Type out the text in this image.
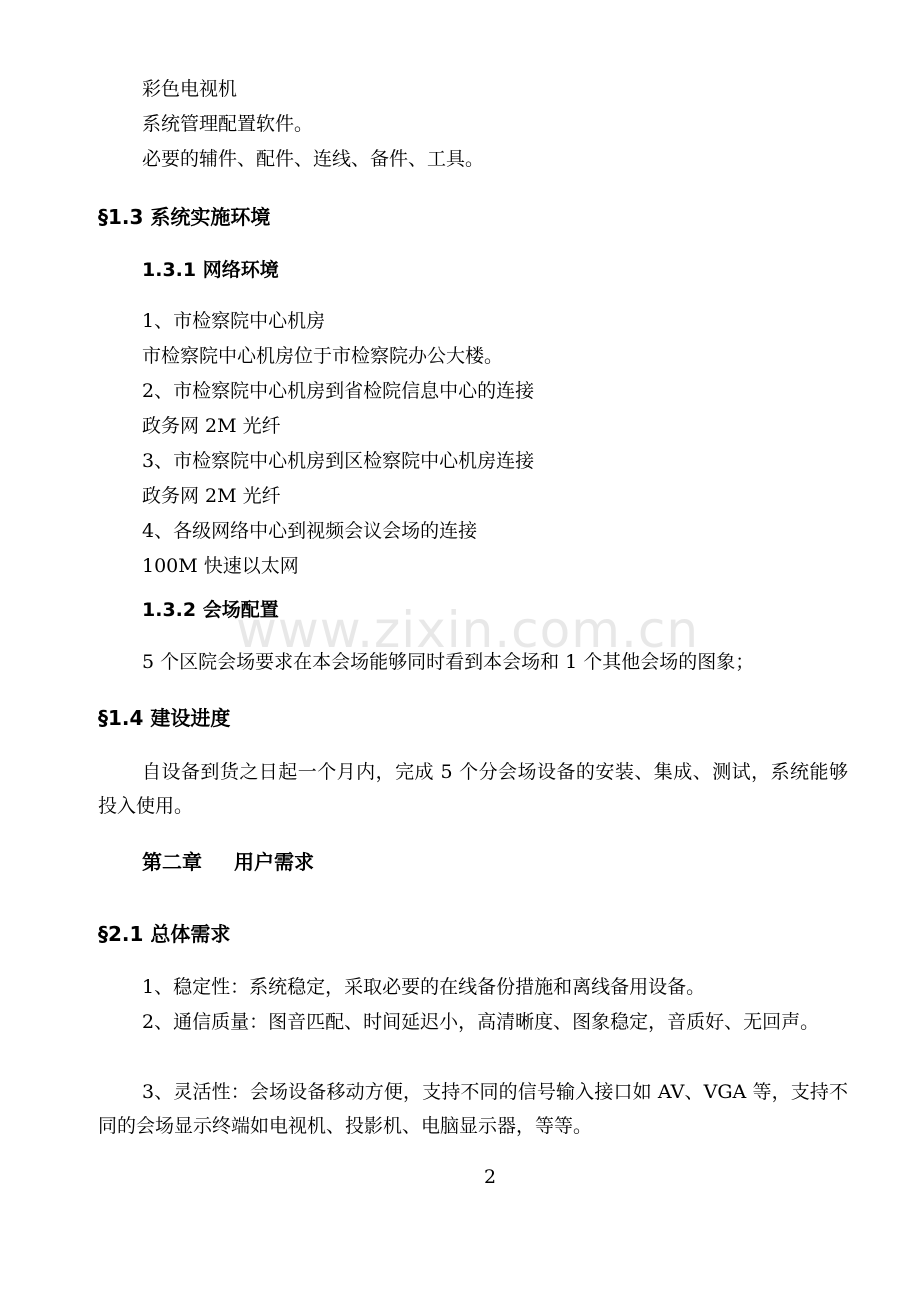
www.zixin.com.cn
彩色电视机
系统管理配置软件。
必要的辅件、配件、连线、备件、工具。
§1.3 系统实施环境
1.3.1 网络环境
1、市检察院中心机房
市检察院中心机房位于市检察院办公大楼。
2、市检察院中心机房到省检院信息中心的连接
政务网 2M 光纤
3、市检察院中心机房到区检察院中心机房连接
政务网 2M 光纤
4、各级网络中心到视频会议会场的连接
100M 快速以太网
1.3.2 会场配置
5 个区院会场要求在本会场能够同时看到本会场和 1 个其他会场的图象；
§1.4 建设进度
自设备到货之日起一个月内，完成 5 个分会场设备的安装、集成、测试，系统能够投入使用。
第二章 用户需求
§2.1 总体需求
1、稳定性：系统稳定，采取必要的在线备份措施和离线备用设备。
2、通信质量：图音匹配、时间延迟小，高清晰度、图象稳定，音质好、无回声。
3、灵活性：会场设备移动方便，支持不同的信号输入接口如 AV、VGA 等，支持不同的会场显示终端如电视机、投影机、电脑显示器，等等。
2
